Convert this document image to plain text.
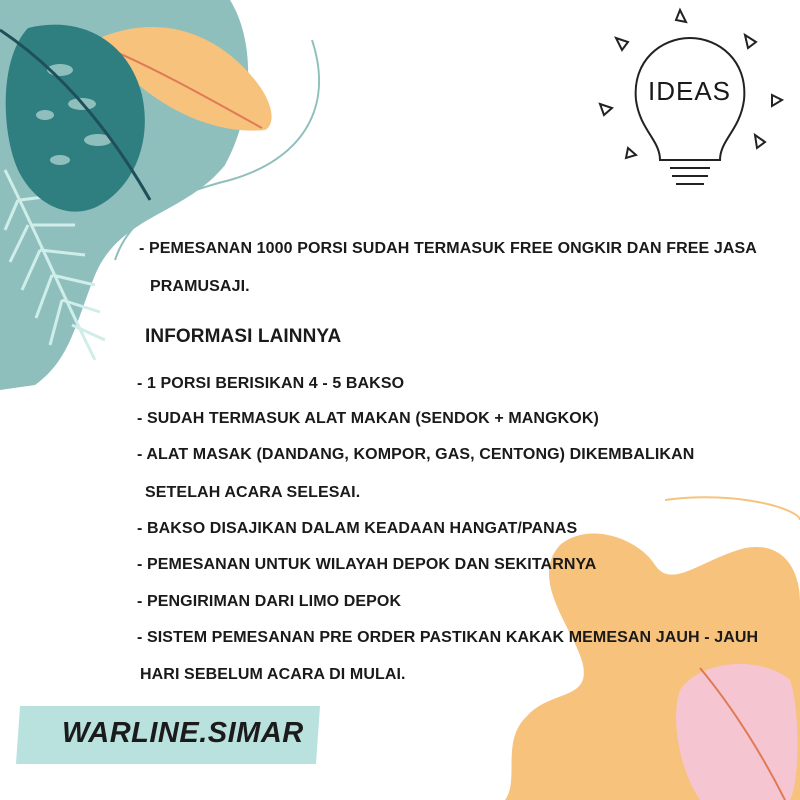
IDEAS
- PEMESANAN 1000 PORSI SUDAH TERMASUK FREE ONGKIR DAN FREE JASA
PRAMUSAJI.
INFORMASI LAINNYA
- 1 PORSI BERISIKAN 4 - 5 BAKSO
- SUDAH TERMASUK ALAT MAKAN (SENDOK + MANGKOK)
- ALAT MASAK (DANDANG, KOMPOR, GAS, CENTONG) DIKEMBALIKAN
SETELAH ACARA SELESAI.
- BAKSO DISAJIKAN DALAM KEADAAN HANGAT/PANAS
- PEMESANAN UNTUK WILAYAH DEPOK DAN SEKITARNYA
- PENGIRIMAN DARI LIMO DEPOK
- SISTEM PEMESANAN PRE ORDER PASTIKAN KAKAK MEMESAN JAUH - JAUH
HARI SEBELUM ACARA DI MULAI.
WARLINE.SIMAR
